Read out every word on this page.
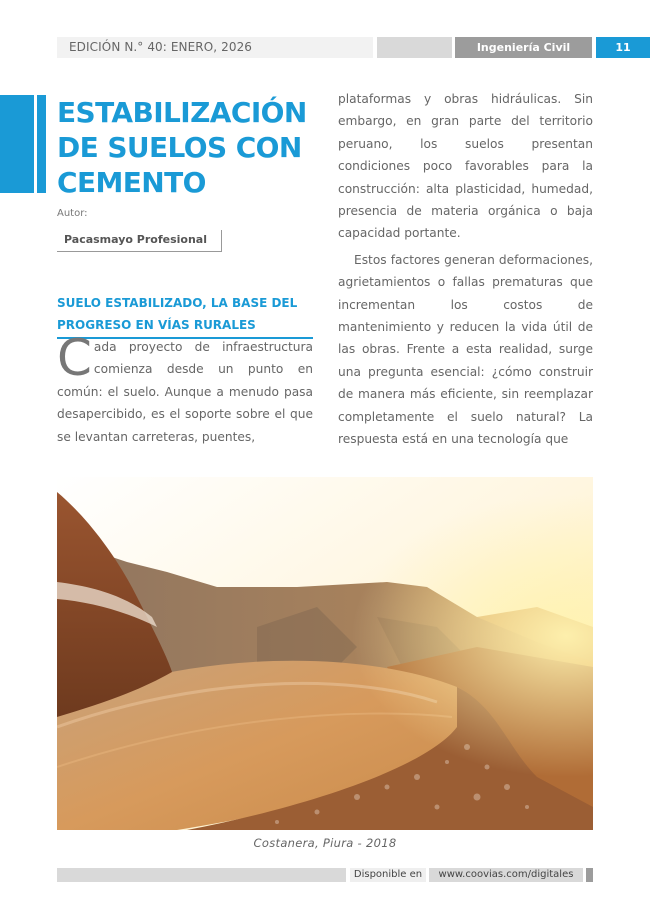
EDICIÓN N.° 40: ENERO, 2026	Ingeniería Civil	11
ESTABILIZACIÓN DE SUELOS CON CEMENTO
Autor:
Pacasmayo Profesional
SUELO ESTABILIZADO, LA BASE DEL PROGRESO EN VÍAS RURALES
Cada proyecto de infraestructura comienza desde un punto en común: el suelo. Aunque a menudo pasa desapercibido, es el soporte sobre el que se levantan carreteras, puentes,

plataformas y obras hidráulicas. Sin embargo, en gran parte del territorio peruano, los suelos presentan condiciones poco favorables para la construcción: alta plasticidad, humedad, presencia de materia orgánica o baja capacidad portante.

Estos factores generan deformaciones, agrietamientos o fallas prematuras que incrementan los costos de mantenimiento y reducen la vida útil de las obras. Frente a esta realidad, surge una pregunta esencial: ¿cómo construir de manera más eficiente, sin reemplazar completamente el suelo natural? La respuesta está en una tecnología que

Costanera, Piura - 2018
Disponible en	www.coovias.com/digitales
